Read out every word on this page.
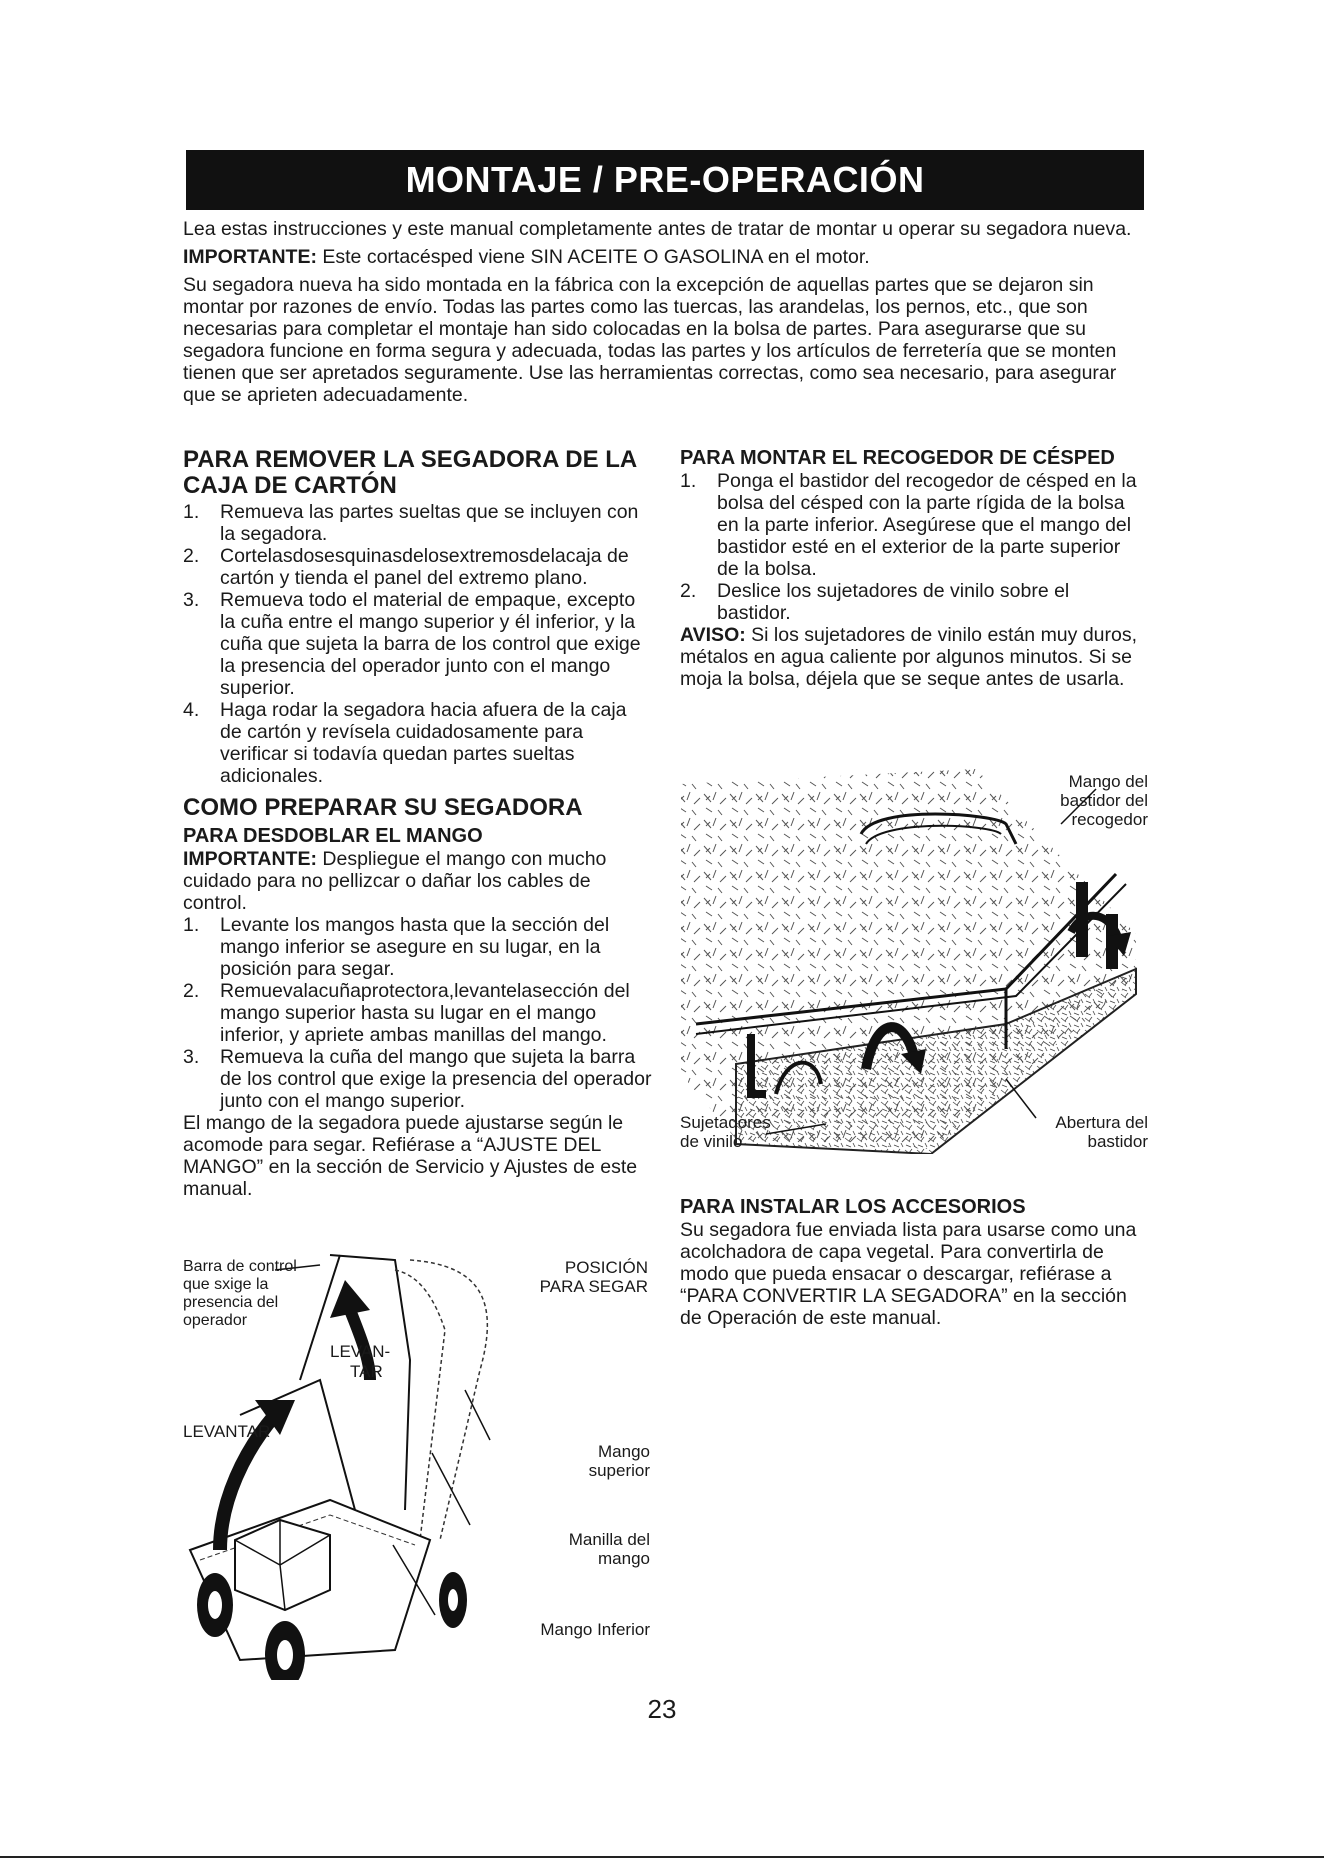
MONTAJE / PRE-OPERACIÓN

Lea estas instrucciones y este manual completamente antes de tratar de montar u operar su segadora nueva.

IMPORTANTE: Este cortacésped viene SIN ACEITE O GASOLINA en el motor.

Su segadora nueva ha sido montada en la fábrica con la excepción de aquellas partes que se dejaron sin montar por razones de envío. Todas las partes como las tuercas, las arandelas, los pernos, etc., que son necesarias para completar el montaje han sido colocadas en la bolsa de partes. Para asegurarse que su segadora funcione en forma segura y adecuada, todas las partes y los artículos de ferretería que se monten tienen que ser apretados seguramente. Use las herramientas correctas, como sea necesario, para asegurar que se aprieten adecuadamente.

PARA REMOVER LA SEGADORA DE LA CAJA DE CARTÓN
1. Remueva las partes sueltas que se incluyen con la segadora.
2. Cortelasdosesquinasdelosextremosdelacaja de cartón y tienda el panel del extremo plano.
3. Remueva todo el material de empaque, excepto la cuña entre el mango superior y él inferior, y la cuña que sujeta la barra de los control que exige la presencia del operador junto con el mango superior.
4. Haga rodar la segadora hacia afuera de la caja de cartón y revísela cuidadosamente para verificar si todavía quedan partes sueltas adicionales.
COMO PREPARAR SU SEGADORA
PARA DESDOBLAR EL MANGO

IMPORTANTE: Despliegue el mango con mucho cuidado para no pellizcar o dañar los cables de control.

1. Levante los mangos hasta que la sección del mango inferior se asegure en su lugar, en la posición para segar.
2. Remuevalacuñaprotectora,levantelasección del mango superior hasta su lugar en el mango inferior, y apriete ambas manillas del mango.
3. Remueva la cuña del mango que sujeta la barra de los control que exige la presencia del operador junto con el mango superior.

El mango de la segadora puede ajustarse según le acomode para segar. Refiérase a “AJUSTE DEL MANGO” en la sección de Servicio y Ajustes de este manual.

PARA MONTAR EL RECOGEDOR DE CÉSPED
1. Ponga el bastidor del recogedor de césped en la bolsa del césped con la parte rígida de la bolsa en la parte inferior. Asegúrese que el mango del bastidor esté en el exterior de la parte superior de la bolsa.
2. Deslice los sujetadores de vinilo sobre el bastidor.

AVISO: Si los sujetadores de vinilo están muy duros, métalos en agua caliente por algunos minutos. Si se moja la bolsa, déjela que se seque antes de usarla.

Mango del bastidor del recogedor
Sujetadores de vinilo
Abertura del bastidor
PARA INSTALAR LOS ACCESORIOS

Su segadora fue enviada lista para usarse como una acolchadora de capa vegetal. Para convertirla de modo que pueda ensacar o descargar, refiérase a “PARA CONVERTIR LA SEGADORA” en la sección de Operación de este manual.

Barra de control que sxige la presencia del operador
POSICIÓN PARA SEGAR
LEVAN-
TAR
LEVANTAR
Mango superior
Manilla del mango
Mango Inferior
23
